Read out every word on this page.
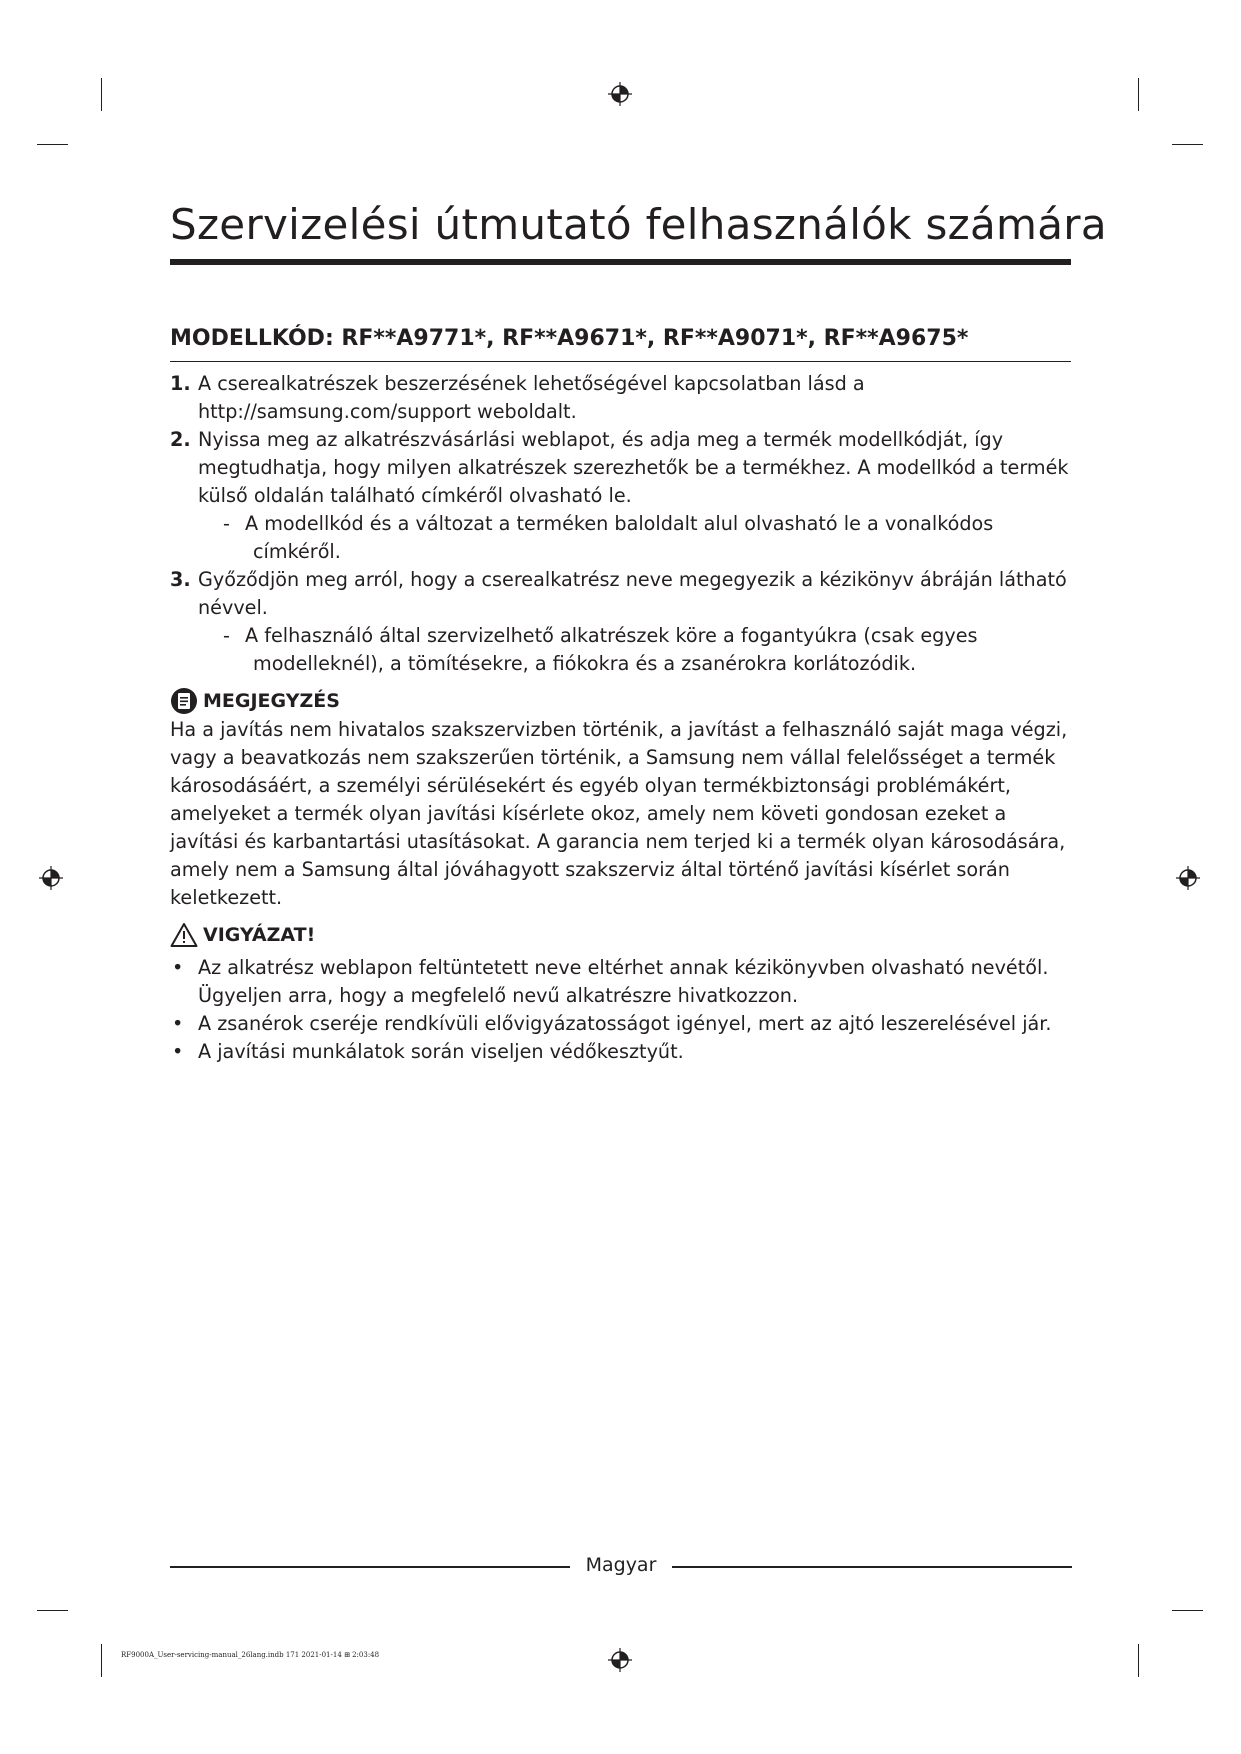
Szervizelési útmutató felhasználók számára
MODELLKÓD: RF**A9771*, RF**A9671*, RF**A9071*, RF**A9675*
1. A cserealkatrészek beszerzésének lehetőségével kapcsolatban lásd a http://samsung.com/support weboldalt.
2. Nyissa meg az alkatrészvásárlási weblapot, és adja meg a termék modellkódját, így megtudhatja, hogy milyen alkatrészek szerezhetők be a termékhez. A modellkód a termék külső oldalán található címkéről olvasható le.
- A modellkód és a változat a terméken baloldalt alul olvasható le a vonalkódos címkéről.
3. Győződjön meg arról, hogy a cserealkatrész neve megegyezik a kézikönyv ábráján látható névvel.
- A felhasználó által szervizelhető alkatrészek köre a fogantyúkra (csak egyes modelleknél), a tömítésekre, a fiókokra és a zsanérokra korlátozódik.
MEGJEGYZÉS

Ha a javítás nem hivatalos szakszervizben történik, a javítást a felhasználó saját maga végzi, vagy a beavatkozás nem szakszerűen történik, a Samsung nem vállal felelősséget a termék károsodásáért, a személyi sérülésekért és egyéb olyan termékbiztonsági problémákért, amelyeket a termék olyan javítási kísérlete okoz, amely nem követi gondosan ezeket a javítási és karbantartási utasításokat. A garancia nem terjed ki a termék olyan károsodására, amely nem a Samsung által jóváhagyott szakszerviz által történő javítási kísérlet során keletkezett.

VIGYÁZAT!
• Az alkatrész weblapon feltüntetett neve eltérhet annak kézikönyvben olvasható nevétől. Ügyeljen arra, hogy a megfelelő nevű alkatrészre hivatkozzon.
• A zsanérok cseréje rendkívüli elővigyázatosságot igényel, mert az ajtó leszerelésével jár.
• A javítási munkálatok során viseljen védőkesztyűt.
Magyar
RF9000A_User-servicing-manual_26lang.indb 171 2021-01-14 ⊞ 2:03:48
